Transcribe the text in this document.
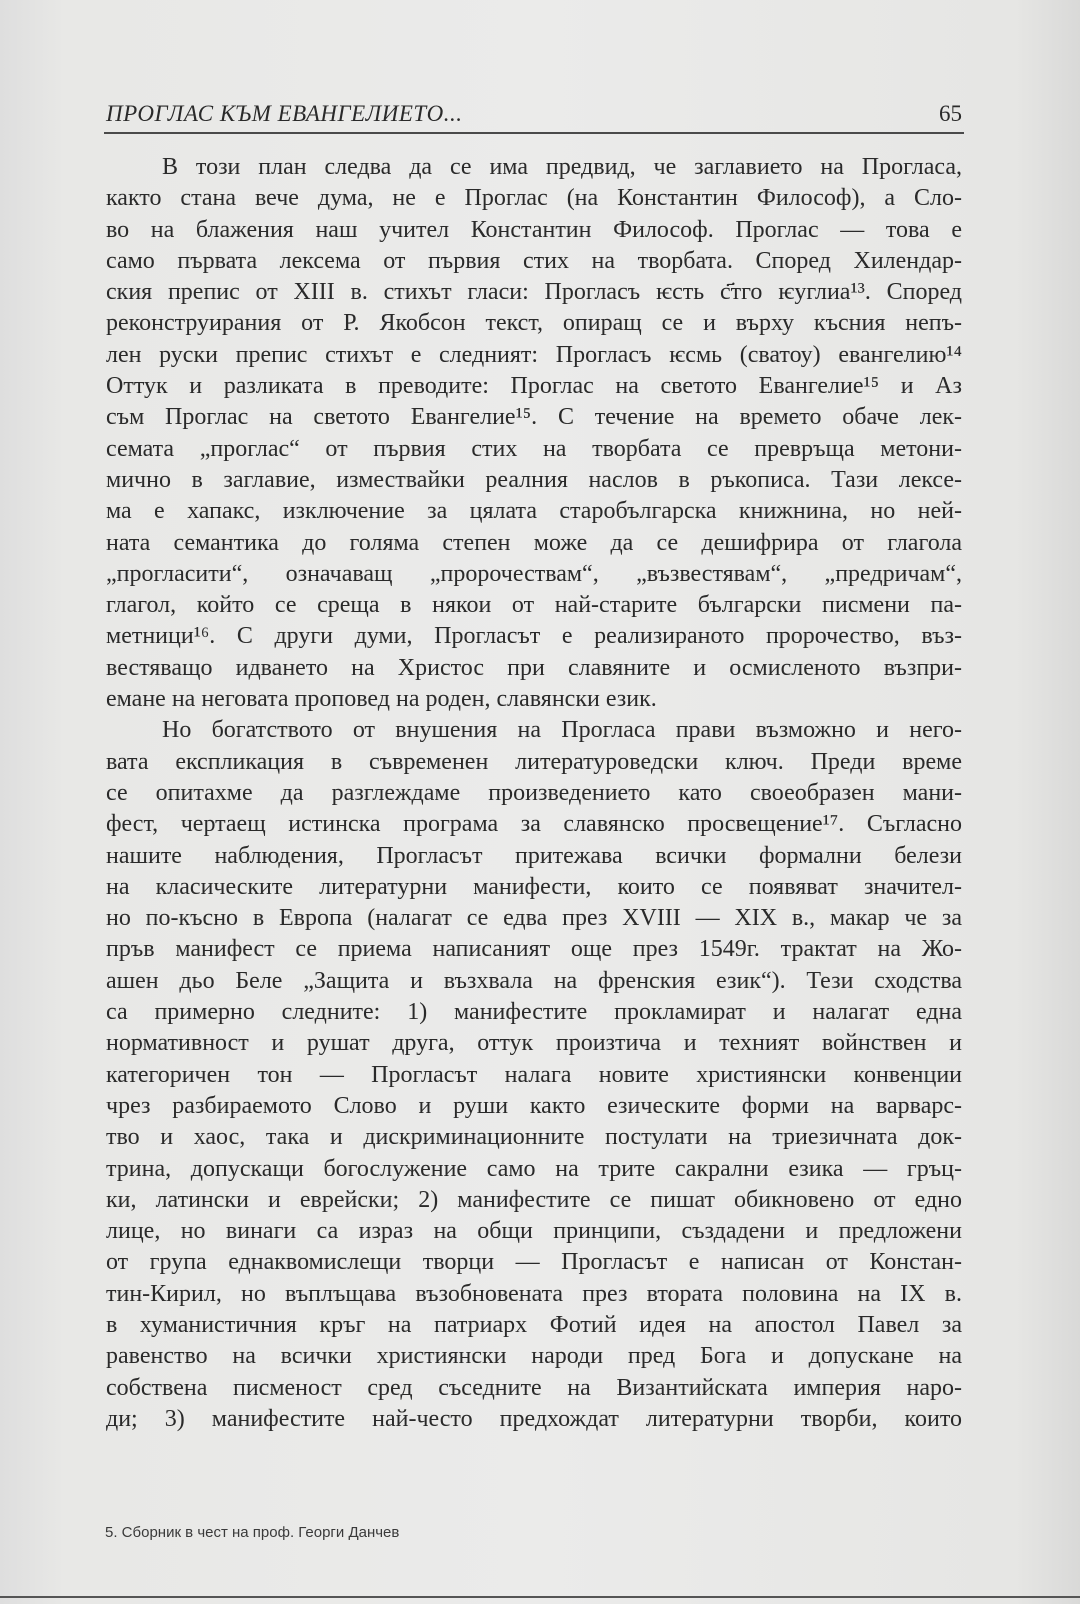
ПРОГЛАС КЪМ ЕВАНГЕЛИЕТО...	65
В този план следва да се има предвид, че заглавието на Прогласа,
както стана вече дума, не е Проглас (на Константин Философ), а Сло-
во на блажения наш учител Константин Философ. Проглас — това е
само първата лексема от първия стих на творбата. Според Хилендар-
ския препис от XIII в. стихът гласи: Прогласъ ѥсть с҃тго ѥуглиа¹³. Според
реконструирания от Р. Якобсон текст, опиращ се и върху късния непъ-
лен руски препис стихът е следният: Прогласъ ѥсмь (сватоу) евангелию¹⁴
Оттук и разликата в преводите: Проглас на светото Евангелие¹⁵ и Аз
съм Проглас на светото Евангелие¹⁵. С течение на времето обаче лек-
семата „проглас“ от първия стих на творбата се превръща метони-
мично в заглавие, измествайки реалния наслов в ръкописа. Тази лексе-
ма е хапакс, изключение за цялата старобългарска книжнина, но ней-
ната семантика до голяма степен може да се дешифрира от глагола
„прогласити“, означаващ „пророчествам“, „възвестявам“, „предричам“,
глагол, който се среща в някои от най-старите български писмени па-
метници¹⁶. С други думи, Прогласът е реализираното пророчество, въз-
вестяващо идването на Христос при славяните и осмисленото възпри-
емане на неговата проповед на роден, славянски език.
Но богатството от внушения на Прогласа прави възможно и него-
вата експликация в съвременен литературоведски ключ. Преди време
се опитахме да разглеждаме произведението като своеобразен мани-
фест, чертаещ истинска програма за славянско просвещение¹⁷. Съгласно
нашите наблюдения, Прогласът притежава всички формални белези
на класическите литературни манифести, които се появяват значител-
но по-късно в Европа (налагат се едва през XVIII — XIX в., макар че за
пръв манифест се приема написаният още през 1549г. трактат на Жо-
ашен дьо Беле „Защита и възхвала на френския език“). Тези сходства
са примерно следните: 1) манифестите прокламират и налагат една
нормативност и рушат друга, оттук произтича и техният войнствен и
категоричен тон — Прогласът налага новите християнски конвенции
чрез разбираемото Слово и руши както езическите форми на варварс-
тво и хаос, така и дискриминационните постулати на триезичната док-
трина, допускащи богослужение само на трите сакрални езика — гръц-
ки, латински и еврейски; 2) манифестите се пишат обикновено от едно
лице, но винаги са израз на общи принципи, създадени и предложени
от група еднаквомислещи творци — Прогласът е написан от Констан-
тин-Кирил, но въплъщава възобновената през втората половина на IX в.
в хуманистичния кръг на патриарх Фотий идея на апостол Павел за
равенство на всички християнски народи пред Бога и допускане на
собствена писменост сред съседните на Византийската империя наро-
ди; 3) манифестите най-често предхождат литературни творби, които
5. Сборник в чест на проф. Георги Данчев
